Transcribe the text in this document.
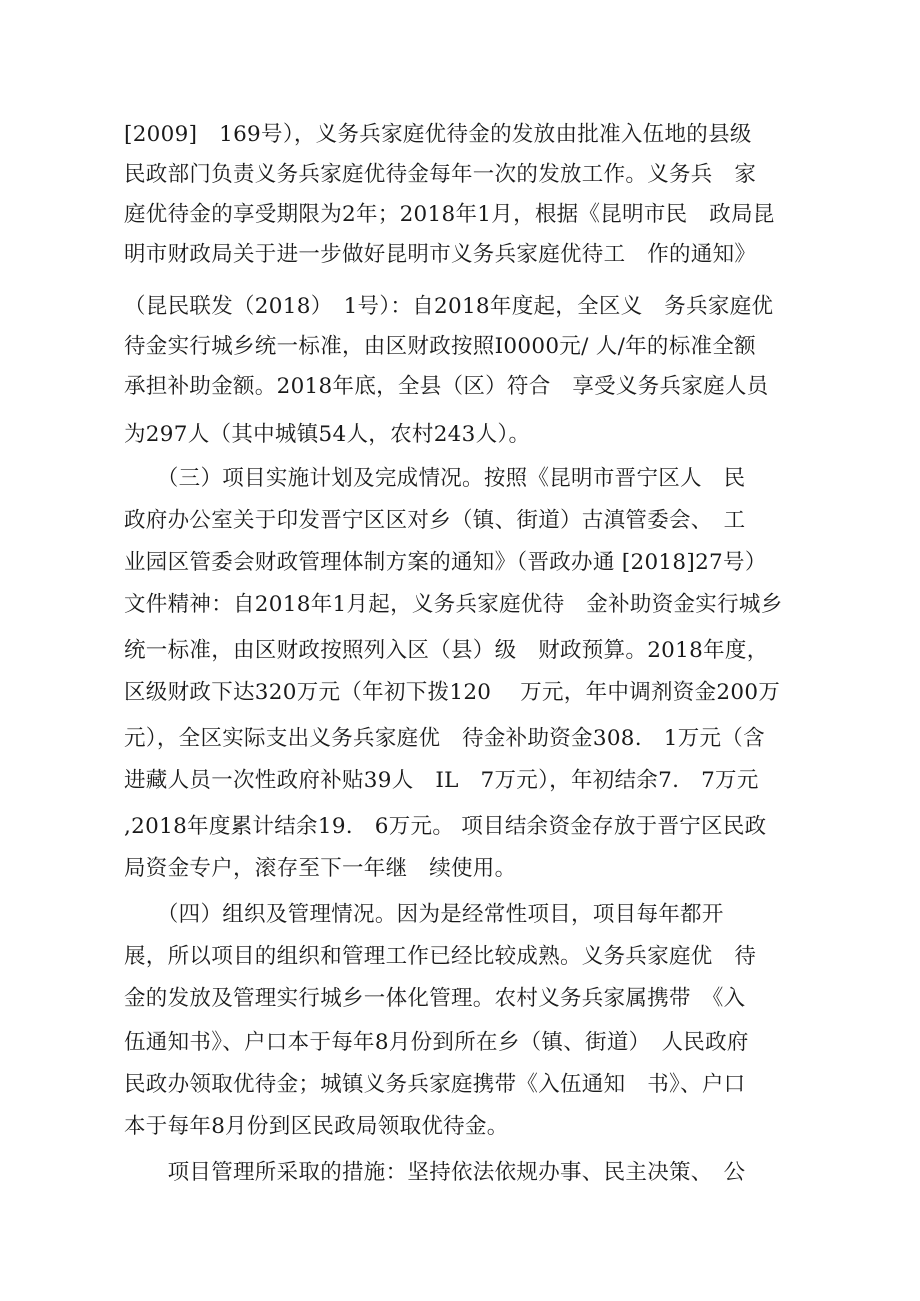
[2009]　169号），义务兵家庭优待金的发放由批准入伍地的县级
民政部门负责义务兵家庭优待金每年一次的发放工作。义务兵　家
庭优待金的享受期限为2年；2018年1月，根据《昆明市民　政局昆
明市财政局关于进一步做好昆明市义务兵家庭优待工　作的通知》
（昆民联发（2018）　1号）：自2018年度起，全区义　务兵家庭优
待金实行城乡统一标准，由区财政按照I0000元/ 人/年的标准全额
承担补助金额。2018年底，全县（区）符合　享受义务兵家庭人员
为297人（其中城镇54人，农村243人）。
　　（三）项目实施计划及完成情况。按照《昆明市晋宁区人　民
政府办公室关于印发晋宁区区对乡（镇、街道）古滇管委会、　工
业园区管委会财政管理体制方案的通知》（晋政办通 [2018]27号）
文件精神：自2018年1月起，义务兵家庭优待　金补助资金实行城乡
统一标准，由区财政按照列入区（县）级　财政预算。2018年度，
区级财政下达320万元（年初下拨120　 万元，年中调剂资金200万
元），全区实际支出义务兵家庭优　待金补助资金308.　1万元（含
进藏人员一次性政府补贴39人　IL　7万元），年初结余7.　7万元
,2018年度累计结余19.　6万元。 项目结余资金存放于晋宁区民政
局资金专户，滚存至下一年继　续使用。
　　（四）组织及管理情况。因为是经常性项目，项目每年都开
展，所以项目的组织和管理工作已经比较成熟。义务兵家庭优　待
金的发放及管理实行城乡一体化管理。农村义务兵家属携带　《入
伍通知书》、户口本于每年8月份到所在乡（镇、街道）　人民政府
民政办领取优待金；城镇义务兵家庭携带《入伍通知　书》、户口
本于每年8月份到区民政局领取优待金。
　　项目管理所采取的措施：坚持依法依规办事、民主决策、　公
